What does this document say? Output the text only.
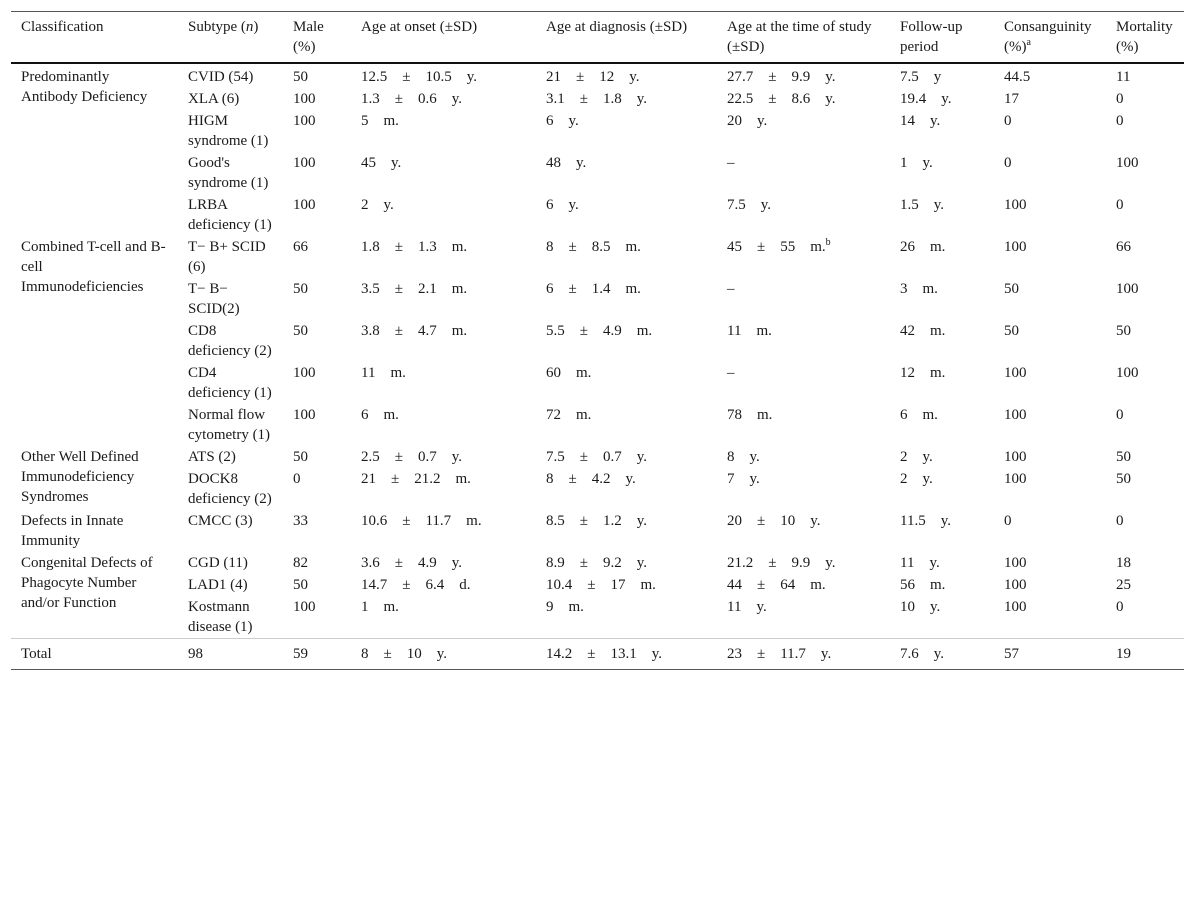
Classification	Subtype (n)	Male (%)	Age at onset (±SD)	Age at diagnosis (±SD)	Age at the time of study (±SD)	Follow-up period	Consanguinity (%)$^a$	Mortality (%)
Predominantly Antibody Deficiency	CVID (54)	50	12.5    ±    10.5    y.	21    ±    12    y.	27.7    ±    9.9    y.	7.5    y	44.5	11
	XLA (6)	100	1.3    ±    0.6    y.	3.1    ±    1.8    y.	22.5    ±    8.6    y.	19.4    y.	17	0
	HIGM syndrome (1)	100	5    m.	6    y.	20    y.	14    y.	0	0
	Good's syndrome (1)	100	45    y.	48    y.	–	1    y.	0	100
	LRBA deficiency (1)	100	2    y.	6    y.	7.5    y.	1.5    y.	100	0
Combined T-cell and B-cell Immunodeficiencies	T− B+ SCID (6)	66	1.8    ±    1.3    m.	8    ±    8.5    m.	45    ±    55    m.$^b$	26    m.	100	66
	T− B− SCID(2)	50	3.5    ±    2.1    m.	6    ±    1.4    m.	–	3    m.	50	100
	CD8 deficiency (2)	50	3.8    ±    4.7    m.	5.5    ±    4.9    m.	11    m.	42    m.	50	50
	CD4 deficiency (1)	100	11    m.	60    m.	–	12    m.	100	100
	Normal flow cytometry (1)	100	6    m.	72    m.	78    m.	6    m.	100	0
Other Well Defined Immunodeficiency Syndromes	ATS (2)	50	2.5    ±    0.7    y.	7.5    ±    0.7    y.	8    y.	2    y.	100	50
	DOCK8 deficiency (2)	0	21    ±    21.2    m.	8    ±    4.2    y.	7    y.	2    y.	100	50
Defects in Innate Immunity	CMCC (3)	33	10.6    ±    11.7    m.	8.5    ±    1.2    y.	20    ±    10    y.	11.5    y.	0	0
Congenital Defects of Phagocyte Number and/or Function	CGD (11)	82	3.6    ±    4.9    y.	8.9    ±    9.2    y.	21.2    ±    9.9    y.	11    y.	100	18
	LAD1 (4)	50	14.7    ±    6.4    d.	10.4    ±    17    m.	44    ±    64    m.	56    m.	100	25
	Kostmann disease (1)	100	1    m.	9    m.	11    y.	10    y.	100	0
Total	98	59	8    ±    10    y.	14.2    ±    13.1    y.	23    ±    11.7    y.	7.6    y.	57	19
